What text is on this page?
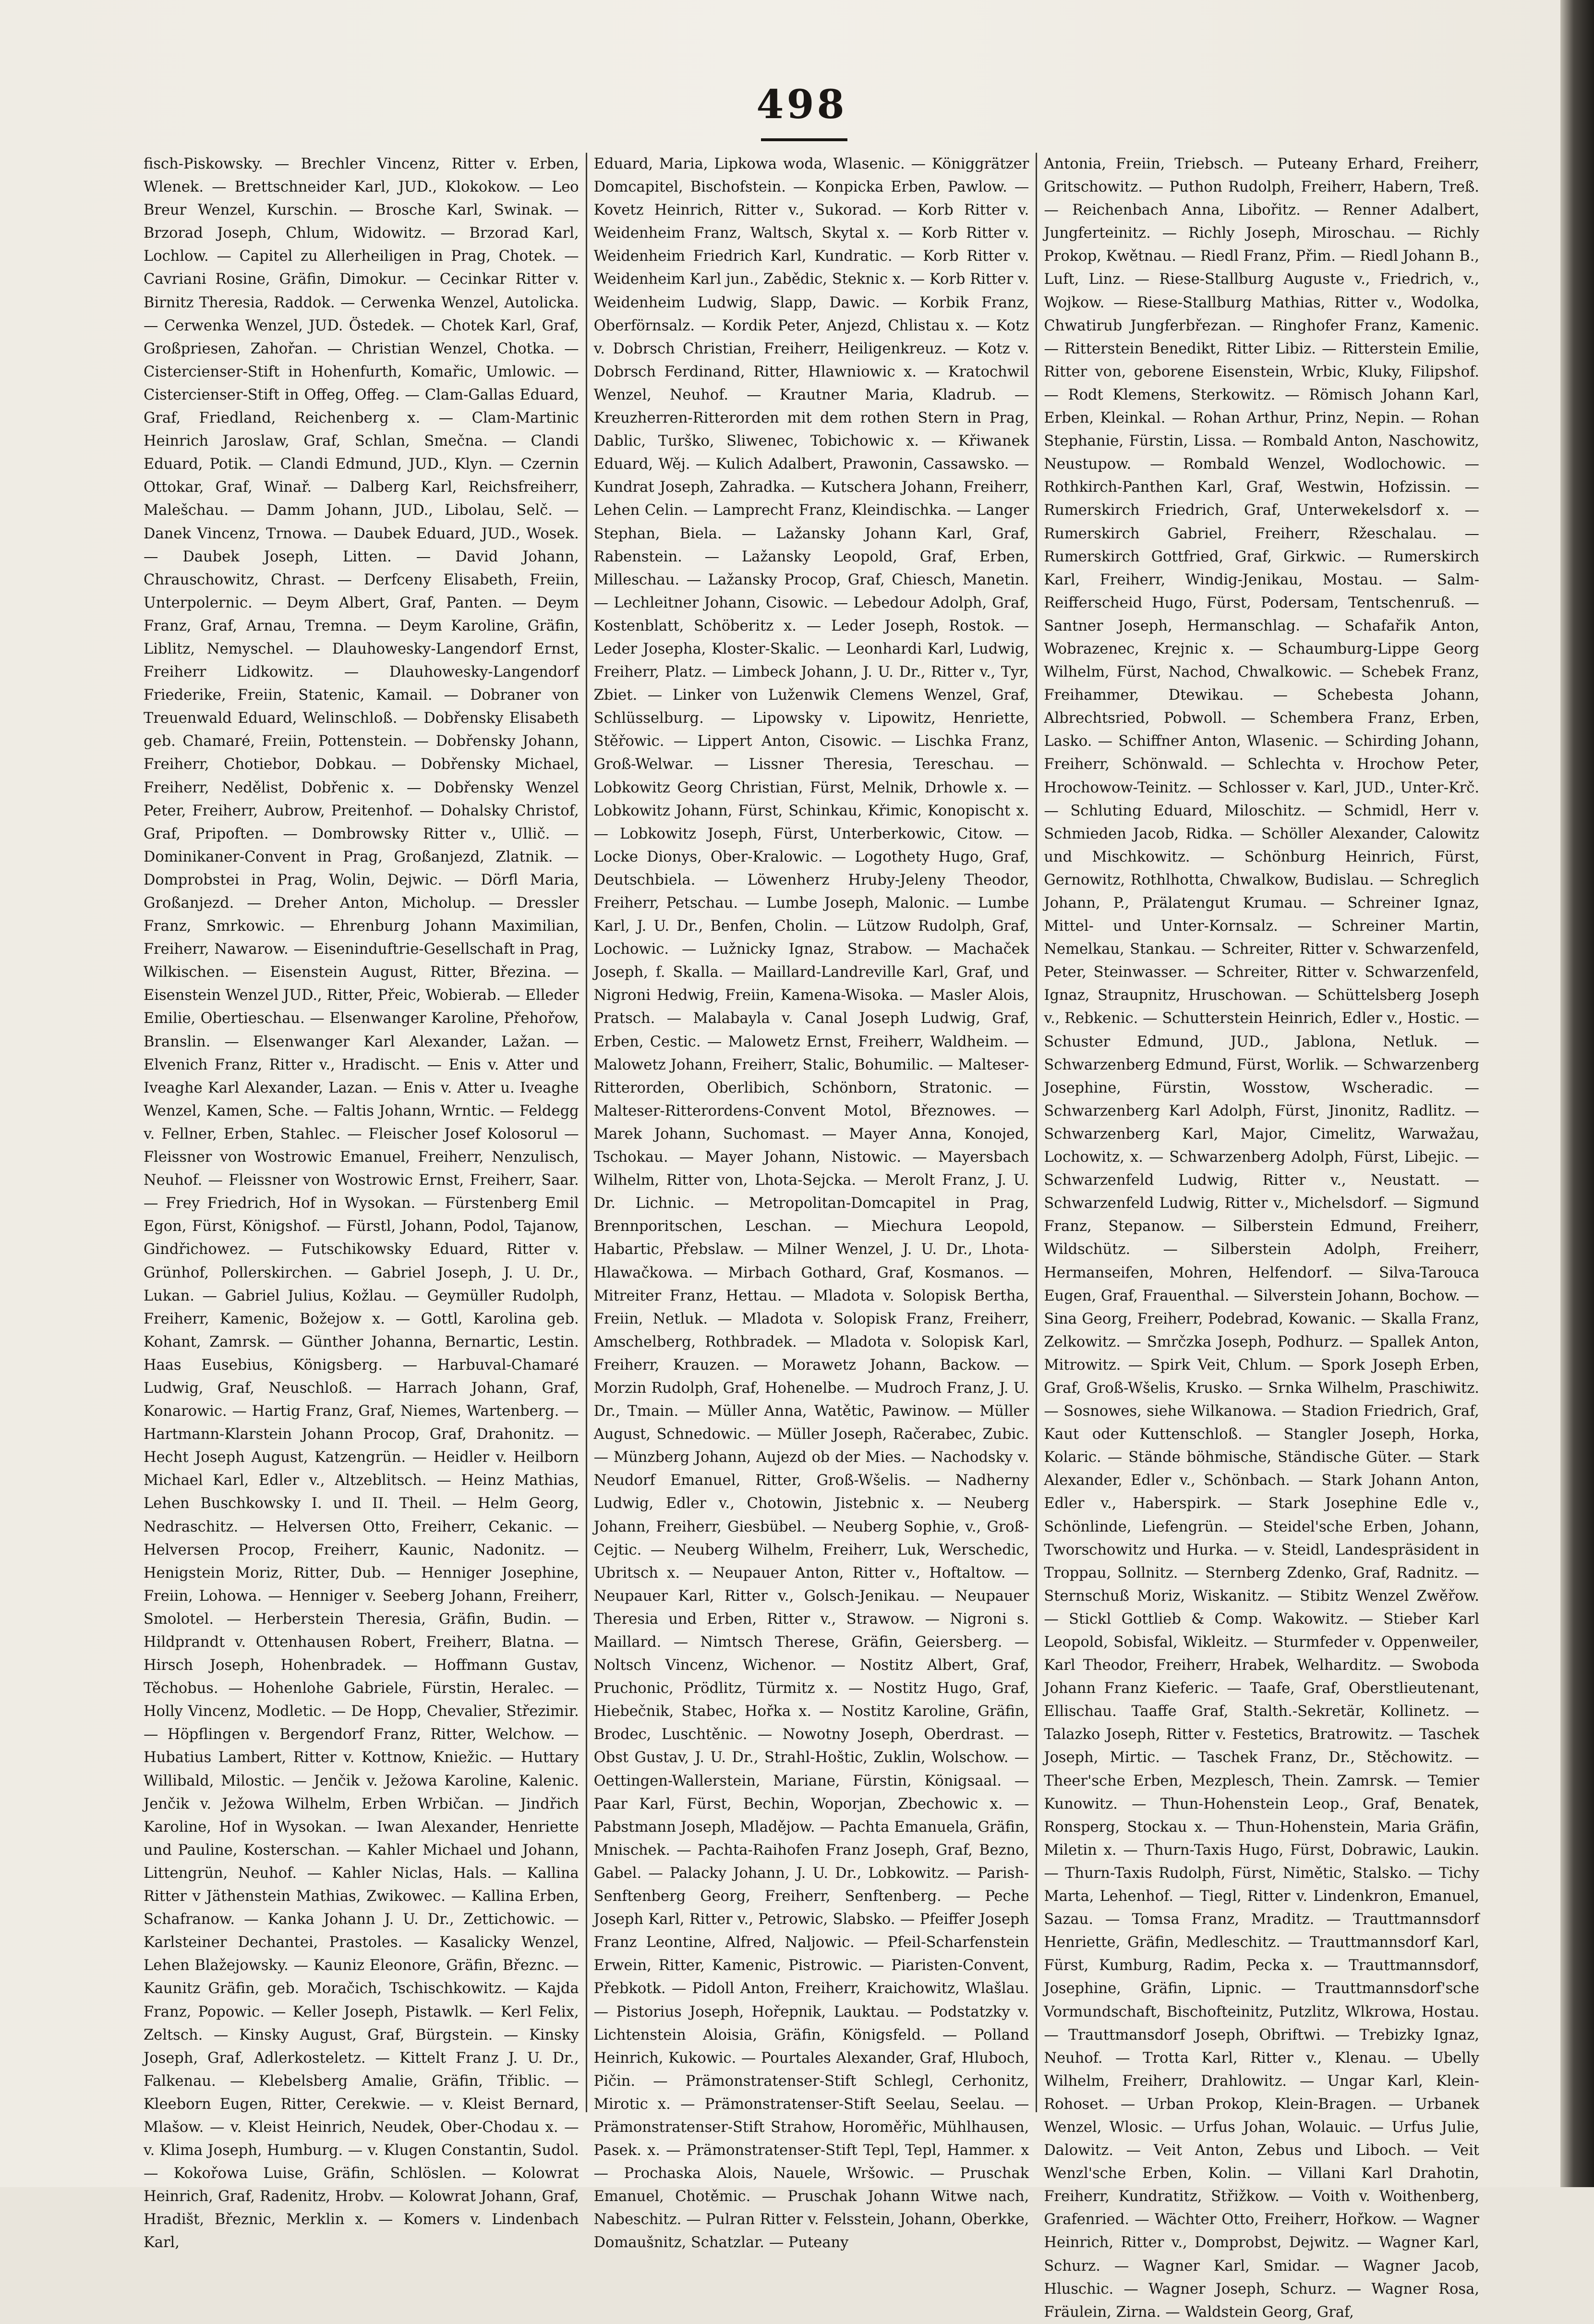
498

fisch-Piskowsky. — Brechler Vincenz, Ritter v. Erben, Wlenek. — Brettschneider Karl, JUD., Klokokow. — Leo Breur Wenzel, Kurschin. — Brosche Karl, Swinak. — Brzorad Joseph, Chlum, Widowitz. — Brzorad Karl, Lochlow. — Capitel zu Allerheiligen in Prag, Chotek. — Cavriani Rosine, Gräfin, Dimokur. — Cecinkar Ritter v. Birnitz Theresia, Raddok. — Cerwenka Wenzel, Autolicka. — Cerwenka Wenzel, JUD. Östedek. — Chotek Karl, Graf, Großpriesen, Zahořan. — Christian Wenzel, Chotka. — Cistercienser-Stift in Hohenfurth, Komařic, Umlowic. — Cistercienser-Stift in Offeg, Offeg. — Clam-Gallas Eduard, Graf, Friedland, Reichenberg x. — Clam-Martinic Heinrich Jaroslaw, Graf, Schlan, Smečna. — Clandi Eduard, Potik. — Clandi Edmund, JUD., Klyn. — Czernin Ottokar, Graf, Winař. — Dalberg Karl, Reichsfreiherr, Malešchau. — Damm Johann, JUD., Libolau, Selč. — Danek Vincenz, Trnowa. — Daubek Eduard, JUD., Wosek. — Daubek Joseph, Litten. — David Johann, Chrauschowitz, Chrast. — Derfceny Elisabeth, Freiin, Unterpolernic. — Deym Albert, Graf, Panten. — Deym Franz, Graf, Arnau, Tremna. — Deym Karoline, Gräfin, Liblitz, Nemyschel. — Dlauhowesky-Langendorf Ernst, Freiherr Lidkowitz. — Dlauhowesky-Langendorf Friederike, Freiin, Statenic, Kamail. — Dobraner von Treuenwald Eduard, Welinschloß. — Dobřensky Elisabeth geb. Chamaré, Freiin, Pottenstein. — Dobřensky Johann, Freiherr, Chotiebor, Dobkau. — Dobřensky Michael, Freiherr, Nedělist, Dobřenic x. — Dobřensky Wenzel Peter, Freiherr, Aubrow, Preitenhof. — Dohalsky Christof, Graf, Pripoften. — Dombrowsky Ritter v., Ullič. — Dominikaner-Convent in Prag, Großanjezd, Zlatnik. — Domprobstei in Prag, Wolin, Dejwic. — Dörfl Maria, Großanjezd. — Dreher Anton, Micholup. — Dressler Franz, Smrkowic. — Ehrenburg Johann Maximilian, Freiherr, Nawarow. — Eiseninduftrie-Gesellschaft in Prag, Wilkischen. — Eisenstein August, Ritter, Březina. — Eisenstein Wenzel JUD., Ritter, Přeic, Wobierab. — Elleder Emilie, Obertieschau. — Elsenwanger Karoline, Přehořow, Branslin. — Elsenwanger Karl Alexander, Lažan. — Elvenich Franz, Ritter v., Hradischt. — Enis v. Atter und Iveaghe Karl Alexander, Lazan. — Enis v. Atter u. Iveaghe Wenzel, Kamen, Sche. — Faltis Johann, Wrntic. — Feldegg v. Fellner, Erben, Stahlec. — Fleischer Josef Kolosorul — Fleissner von Wostrowic Emanuel, Freiherr, Nenzulisch, Neuhof. — Fleissner von Wostrowic Ernst, Freiherr, Saar. — Frey Friedrich, Hof in Wysokan. — Fürstenberg Emil Egon, Fürst, Königshof. — Fürstl, Johann, Podol, Tajanow, Gindřichowez. — Futschikowsky Eduard, Ritter v. Grünhof, Pollerskirchen. — Gabriel Joseph, J. U. Dr., Lukan. — Gabriel Julius, Kožlau. — Geymüller Rudolph, Freiherr, Kamenic, Božejow x. — Gottl, Karolina geb. Kohant, Zamrsk. — Günther Johanna, Bernartic, Lestin. Haas Eusebius, Königsberg. — Harbuval-Chamaré Ludwig, Graf, Neuschloß. — Harrach Johann, Graf, Konarowic. — Hartig Franz, Graf, Niemes, Wartenberg. — Hartmann-Klarstein Johann Procop, Graf, Drahonitz. — Hecht Joseph August, Katzengrün. — Heidler v. Heilborn Michael Karl, Edler v., Altzeblitsch. — Heinz Mathias, Lehen Buschkowsky I. und II. Theil. — Helm Georg, Nedraschitz. — Helversen Otto, Freiherr, Cekanic. — Helversen Procop, Freiherr, Kaunic, Nadonitz. — Henigstein Moriz, Ritter, Dub. — Henniger Josephine, Freiin, Lohowa. — Henniger v. Seeberg Johann, Freiherr, Smolotel. — Herberstein Theresia, Gräfin, Budin. — Hildprandt v. Ottenhausen Robert, Freiherr, Blatna. — Hirsch Joseph, Hohenbradek. — Hoffmann Gustav, Těchobus. — Hohenlohe Gabriele, Fürstin, Heralec. — Holly Vincenz, Modletic. — De Hopp, Chevalier, Střezimir. — Höpflingen v. Bergendorf Franz, Ritter, Welchow. — Hubatius Lambert, Ritter v. Kottnow, Kniežic. — Huttary Willibald, Milostic. — Jenčik v. Ježowa Karoline, Kalenic. Jenčik v. Ježowa Wilhelm, Erben Wrbičan. — Jindřich Karoline, Hof in Wysokan. — Iwan Alexander, Henriette und Pauline, Kosterschan. — Kahler Michael und Johann, Littengrün, Neuhof. — Kahler Niclas, Hals. — Kallina Ritter v Jäthenstein Mathias, Zwikowec. — Kallina Erben, Schafranow. — Kanka Johann J. U. Dr., Zettichowic. — Karlsteiner Dechantei, Prastoles. — Kasalicky Wenzel, Lehen Blažejowsky. — Kauniz Eleonore, Gräfin, Březnc. — Kaunitz Gräfin, geb. Moračich, Tschischkowitz. — Kajda Franz, Popowic. — Keller Joseph, Pistawlk. — Kerl Felix, Zeltsch. — Kinsky August, Graf, Bürgstein. — Kinsky Joseph, Graf, Adlerkosteletz. — Kittelt Franz J. U. Dr., Falkenau. — Klebelsberg Amalie, Gräfin, Třiblic. — Kleeborn Eugen, Ritter, Cerekwie. — v. Kleist Bernard, Mlašow. — v. Kleist Heinrich, Neudek, Ober-Chodau x. — v. Klima Joseph, Humburg. — v. Klugen Constantin, Sudol. — Kokořowa Luise, Gräfin, Schlöslen. — Kolowrat Heinrich, Graf, Radenitz, Hrobv. — Kolowrat Johann, Graf, Hradišt, Březnic, Merklin x. — Komers v. Lindenbach Karl,

Eduard, Maria, Lipkowa woda, Wlasenic. — Königgrätzer Domcapitel, Bischofstein. — Konpicka Erben, Pawlow. — Kovetz Heinrich, Ritter v., Sukorad. — Korb Ritter v. Weidenheim Franz, Waltsch, Skytal x. — Korb Ritter v. Weidenheim Friedrich Karl, Kundratic. — Korb Ritter v. Weidenheim Karl jun., Zabědic, Steknic x. — Korb Ritter v. Weidenheim Ludwig, Slapp, Dawic. — Korbik Franz, Oberförnsalz. — Kordik Peter, Anjezd, Chlistau x. — Kotz v. Dobrsch Christian, Freiherr, Heiligenkreuz. — Kotz v. Dobrsch Ferdinand, Ritter, Hlawniowic x. — Kratochwil Wenzel, Neuhof. — Krautner Maria, Kladrub. — Kreuzherren-Ritterorden mit dem rothen Stern in Prag, Dablic, Turško, Sliwenec, Tobichowic x. — Křiwanek Eduard, Wěj. — Kulich Adalbert, Prawonin, Cassawsko. — Kundrat Joseph, Zahradka. — Kutschera Johann, Freiherr, Lehen Celin. — Lamprecht Franz, Kleindischka. — Langer Stephan, Biela. — Lažansky Johann Karl, Graf, Rabenstein. — Lažansky Leopold, Graf, Erben, Milleschau. — Lažansky Procop, Graf, Chiesch, Manetin. — Lechleitner Johann, Cisowic. — Lebedour Adolph, Graf, Kostenblatt, Schöberitz x. — Leder Joseph, Rostok. — Leder Josepha, Kloster-Skalic. — Leonhardi Karl, Ludwig, Freiherr, Platz. — Limbeck Johann, J. U. Dr., Ritter v., Tyr, Zbiet. — Linker von Luženwik Clemens Wenzel, Graf, Schlüsselburg. — Lipowsky v. Lipowitz, Henriette, Stěřowic. — Lippert Anton, Cisowic. — Lischka Franz, Groß-Welwar. — Lissner Theresia, Tereschau. — Lobkowitz Georg Christian, Fürst, Melnik, Drhowle x. — Lobkowitz Johann, Fürst, Schinkau, Křimic, Konopischt x. — Lobkowitz Joseph, Fürst, Unterberkowic, Citow. — Locke Dionys, Ober-Kralowic. — Logothety Hugo, Graf, Deutschbiela. — Löwenherz Hruby-Jeleny Theodor, Freiherr, Petschau. — Lumbe Joseph, Malonic. — Lumbe Karl, J. U. Dr., Benfen, Cholin. — Lützow Rudolph, Graf, Lochowic. — Lužnicky Ignaz, Strabow. — Machaček Joseph, f. Skalla. — Maillard-Landreville Karl, Graf, und Nigroni Hedwig, Freiin, Kamena-Wisoka. — Masler Alois, Pratsch. — Malabayla v. Canal Joseph Ludwig, Graf, Erben, Cestic. — Malowetz Ernst, Freiherr, Waldheim. — Malowetz Johann, Freiherr, Stalic, Bohumilic. — Malteser-Ritterorden, Oberlibich, Schönborn, Stratonic. — Malteser-Ritterordens-Convent Motol, Březnowes. — Marek Johann, Suchomast. — Mayer Anna, Konojed, Tschokau. — Mayer Johann, Nistowic. — Mayersbach Wilhelm, Ritter von, Lhota-Sejcka. — Merolt Franz, J. U. Dr. Lichnic. — Metropolitan-Domcapitel in Prag, Brennporitschen, Leschan. — Miechura Leopold, Habartic, Přebslaw. — Milner Wenzel, J. U. Dr., Lhota-Hlawačkowa. — Mirbach Gothard, Graf, Kosmanos. — Mitreiter Franz, Hettau. — Mladota v. Solopisk Bertha, Freiin, Netluk. — Mladota v. Solopisk Franz, Freiherr, Amschelberg, Rothbradek. — Mladota v. Solopisk Karl, Freiherr, Krauzen. — Morawetz Johann, Backow. — Morzin Rudolph, Graf, Hohenelbe. — Mudroch Franz, J. U. Dr., Tmain. — Müller Anna, Watětic, Pawinow. — Müller August, Schnedowic. — Müller Joseph, Račerabec, Zubic. — Münzberg Johann, Aujezd ob der Mies. — Nachodsky v. Neudorf Emanuel, Ritter, Groß-Wšelis. — Nadherny Ludwig, Edler v., Chotowin, Jistebnic x. — Neuberg Johann, Freiherr, Giesbübel. — Neuberg Sophie, v., Groß-Cejtic. — Neuberg Wilhelm, Freiherr, Luk, Werschedic, Ubritsch x. — Neupauer Anton, Ritter v., Hoftaltow. — Neupauer Karl, Ritter v., Golsch-Jenikau. — Neupauer Theresia und Erben, Ritter v., Strawow. — Nigroni s. Maillard. — Nimtsch Therese, Gräfin, Geiersberg. — Noltsch Vincenz, Wichenor. — Nostitz Albert, Graf, Pruchonic, Prödlitz, Türmitz x. — Nostitz Hugo, Graf, Hiebečnik, Stabec, Hořka x. — Nostitz Karoline, Gräfin, Brodec, Luschtěnic. — Nowotny Joseph, Oberdrast. — Obst Gustav, J. U. Dr., Strahl-Hoštic, Zuklin, Wolschow. — Oettingen-Wallerstein, Mariane, Fürstin, Königsaal. — Paar Karl, Fürst, Bechin, Woporjan, Zbechowic x. — Pabstmann Joseph, Mladějow. — Pachta Emanuela, Gräfin, Mnischek. — Pachta-Raihofen Franz Joseph, Graf, Bezno, Gabel. — Palacky Johann, J. U. Dr., Lobkowitz. — Parish-Senftenberg Georg, Freiherr, Senftenberg. — Peche Joseph Karl, Ritter v., Petrowic, Slabsko. — Pfeiffer Joseph Franz Leontine, Alfred, Naljowic. — Pfeil-Scharfenstein Erwein, Ritter, Kamenic, Pistrowic. — Piaristen-Convent, Přebkotk. — Pidoll Anton, Freiherr, Kraichowitz, Wlašlau. — Pistorius Joseph, Hořepnik, Lauktau. — Podstatzky v. Lichtenstein Aloisia, Gräfin, Königsfeld. — Polland Heinrich, Kukowic. — Pourtales Alexander, Graf, Hluboch, Pičin. — Prämonstratenser-Stift Schlegl, Cerhonitz, Mirotic x. — Prämonstratenser-Stift Seelau, Seelau. — Prämonstratenser-Stift Strahow, Horoměřic, Mühlhausen, Pasek. x. — Prämonstratenser-Stift Tepl, Tepl, Hammer. x — Prochaska Alois, Nauele, Wršowic. — Pruschak Emanuel, Chotěmic. — Pruschak Johann Witwe nach, Nabeschitz. — Pulran Ritter v. Felsstein, Johann, Oberkke, Domaušnitz, Schatzlar. — Puteany

Antonia, Freiin, Triebsch. — Puteany Erhard, Freiherr, Gritschowitz. — Puthon Rudolph, Freiherr, Habern, Treß. — Reichenbach Anna, Libořitz. — Renner Adalbert, Jungferteinitz. — Richly Joseph, Miroschau. — Richly Prokop, Kwětnau. — Riedl Franz, Přim. — Riedl Johann B., Luft, Linz. — Riese-Stallburg Auguste v., Friedrich, v., Wojkow. — Riese-Stallburg Mathias, Ritter v., Wodolka, Chwatirub Jungferbřezan. — Ringhofer Franz, Kamenic. — Ritterstein Benedikt, Ritter Libiz. — Ritterstein Emilie, Ritter von, geborene Eisenstein, Wrbic, Kluky, Filipshof. — Rodt Klemens, Sterkowitz. — Römisch Johann Karl, Erben, Kleinkal. — Rohan Arthur, Prinz, Nepin. — Rohan Stephanie, Fürstin, Lissa. — Rombald Anton, Naschowitz, Neustupow. — Rombald Wenzel, Wodlochowic. — Rothkirch-Panthen Karl, Graf, Westwin, Hofzissin. — Rumerskirch Friedrich, Graf, Unterwekelsdorf x. — Rumerskirch Gabriel, Freiherr, Ržeschalau. — Rumerskirch Gottfried, Graf, Girkwic. — Rumerskirch Karl, Freiherr, Windig-Jenikau, Mostau. — Salm-Reifferscheid Hugo, Fürst, Podersam, Tentschenruß. — Santner Joseph, Hermanschlag. — Schafařik Anton, Wobrazenec, Krejnic x. — Schaumburg-Lippe Georg Wilhelm, Fürst, Nachod, Chwalkowic. — Schebek Franz, Freihammer, Dtewikau. — Schebesta Johann, Albrechtsried, Pobwoll. — Schembera Franz, Erben, Lasko. — Schiffner Anton, Wlasenic. — Schirding Johann, Freiherr, Schönwald. — Schlechta v. Hrochow Peter, Hrochowow-Teinitz. — Schlosser v. Karl, JUD., Unter-Krč. — Schluting Eduard, Miloschitz. — Schmidl, Herr v. Schmieden Jacob, Ridka. — Schöller Alexander, Calowitz und Mischkowitz. — Schönburg Heinrich, Fürst, Gernowitz, Rothlhotta, Chwalkow, Budislau. — Schreglich Johann, P., Prälatengut Krumau. — Schreiner Ignaz, Mittel- und Unter-Kornsalz. — Schreiner Martin, Nemelkau, Stankau. — Schreiter, Ritter v. Schwarzenfeld, Peter, Steinwasser. — Schreiter, Ritter v. Schwarzenfeld, Ignaz, Straupnitz, Hruschowan. — Schüttelsberg Joseph v., Rebkenic. — Schutterstein Heinrich, Edler v., Hostic. — Schuster Edmund, JUD., Jablona, Netluk. — Schwarzenberg Edmund, Fürst, Worlik. — Schwarzenberg Josephine, Fürstin, Wosstow, Wscheradic. — Schwarzenberg Karl Adolph, Fürst, Jinonitz, Radlitz. — Schwarzenberg Karl, Major, Cimelitz, Warwažau, Lochowitz, x. — Schwarzenberg Adolph, Fürst, Libejic. — Schwarzenfeld Ludwig, Ritter v., Neustatt. — Schwarzenfeld Ludwig, Ritter v., Michelsdorf. — Sigmund Franz, Stepanow. — Silberstein Edmund, Freiherr, Wildschütz. — Silberstein Adolph, Freiherr, Hermanseifen, Mohren, Helfendorf. — Silva-Tarouca Eugen, Graf, Frauenthal. — Silverstein Johann, Bochow. — Sina Georg, Freiherr, Podebrad, Kowanic. — Skalla Franz, Zelkowitz. — Smrčzka Joseph, Podhurz. — Spallek Anton, Mitrowitz. — Spirk Veit, Chlum. — Spork Joseph Erben, Graf, Groß-Wšelis, Krusko. — Srnka Wilhelm, Praschiwitz. — Sosnowes, siehe Wilkanowa. — Stadion Friedrich, Graf, Kaut oder Kuttenschloß. — Stangler Joseph, Horka, Kolaric. — Stände böhmische, Ständische Güter. — Stark Alexander, Edler v., Schönbach. — Stark Johann Anton, Edler v., Haberspirk. — Stark Josephine Edle v., Schönlinde, Liefengrün. — Steidel'sche Erben, Johann, Tworschowitz und Hurka. — v. Steidl, Landespräsident in Troppau, Sollnitz. — Sternberg Zdenko, Graf, Radnitz. — Sternschuß Moriz, Wiskanitz. — Stibitz Wenzel Zwěřow. — Stickl Gottlieb & Comp. Wakowitz. — Stieber Karl Leopold, Sobisfal, Wikleitz. — Sturmfeder v. Oppenweiler, Karl Theodor, Freiherr, Hrabek, Welharditz. — Swoboda Johann Franz Kieferic. — Taafe, Graf, Oberstlieutenant, Ellischau. Taaffe Graf, Stalth.-Sekretär, Kollinetz. — Talazko Joseph, Ritter v. Festetics, Bratrowitz. — Taschek Joseph, Mirtic. — Taschek Franz, Dr., Stěchowitz. — Theer'sche Erben, Mezplesch, Thein. Zamrsk. — Temier Kunowitz. — Thun-Hohenstein Leop., Graf, Benatek, Ronsperg, Stockau x. — Thun-Hohenstein, Maria Gräfin, Miletin x. — Thurn-Taxis Hugo, Fürst, Dobrawic, Laukin. — Thurn-Taxis Rudolph, Fürst, Nimětic, Stalsko. — Tichy Marta, Lehenhof. — Tiegl, Ritter v. Lindenkron, Emanuel, Sazau. — Tomsa Franz, Mraditz. — Trauttmannsdorf Henriette, Gräfin, Medleschitz. — Trauttmannsdorf Karl, Fürst, Kumburg, Radim, Pecka x. — Trauttmannsdorf, Josephine, Gräfin, Lipnic. — Trauttmannsdorf'sche Vormundschaft, Bischofteinitz, Putzlitz, Wlkrowa, Hostau. — Trauttmansdorf Joseph, Obriftwi. — Trebizky Ignaz, Neuhof. — Trotta Karl, Ritter v., Klenau. — Ubelly Wilhelm, Freiherr, Drahlowitz. — Ungar Karl, Klein-Rohoset. — Urban Prokop, Klein-Bragen. — Urbanek Wenzel, Wlosic. — Urfus Johan, Wolauic. — Urfus Julie, Dalowitz. — Veit Anton, Zebus und Liboch. — Veit Wenzl'sche Erben, Kolin. — Villani Karl Drahotin, Freiherr, Kundratitz, Střižkow. — Voith v. Woithenberg, Grafenried. — Wächter Otto, Freiherr, Hořkow. — Wagner Heinrich, Ritter v., Domprobst, Dejwitz. — Wagner Karl, Schurz. — Wagner Karl, Smidar. — Wagner Jacob, Hluschic. — Wagner Joseph, Schurz. — Wagner Rosa, Fräulein, Zirna. — Waldstein Georg, Graf,
